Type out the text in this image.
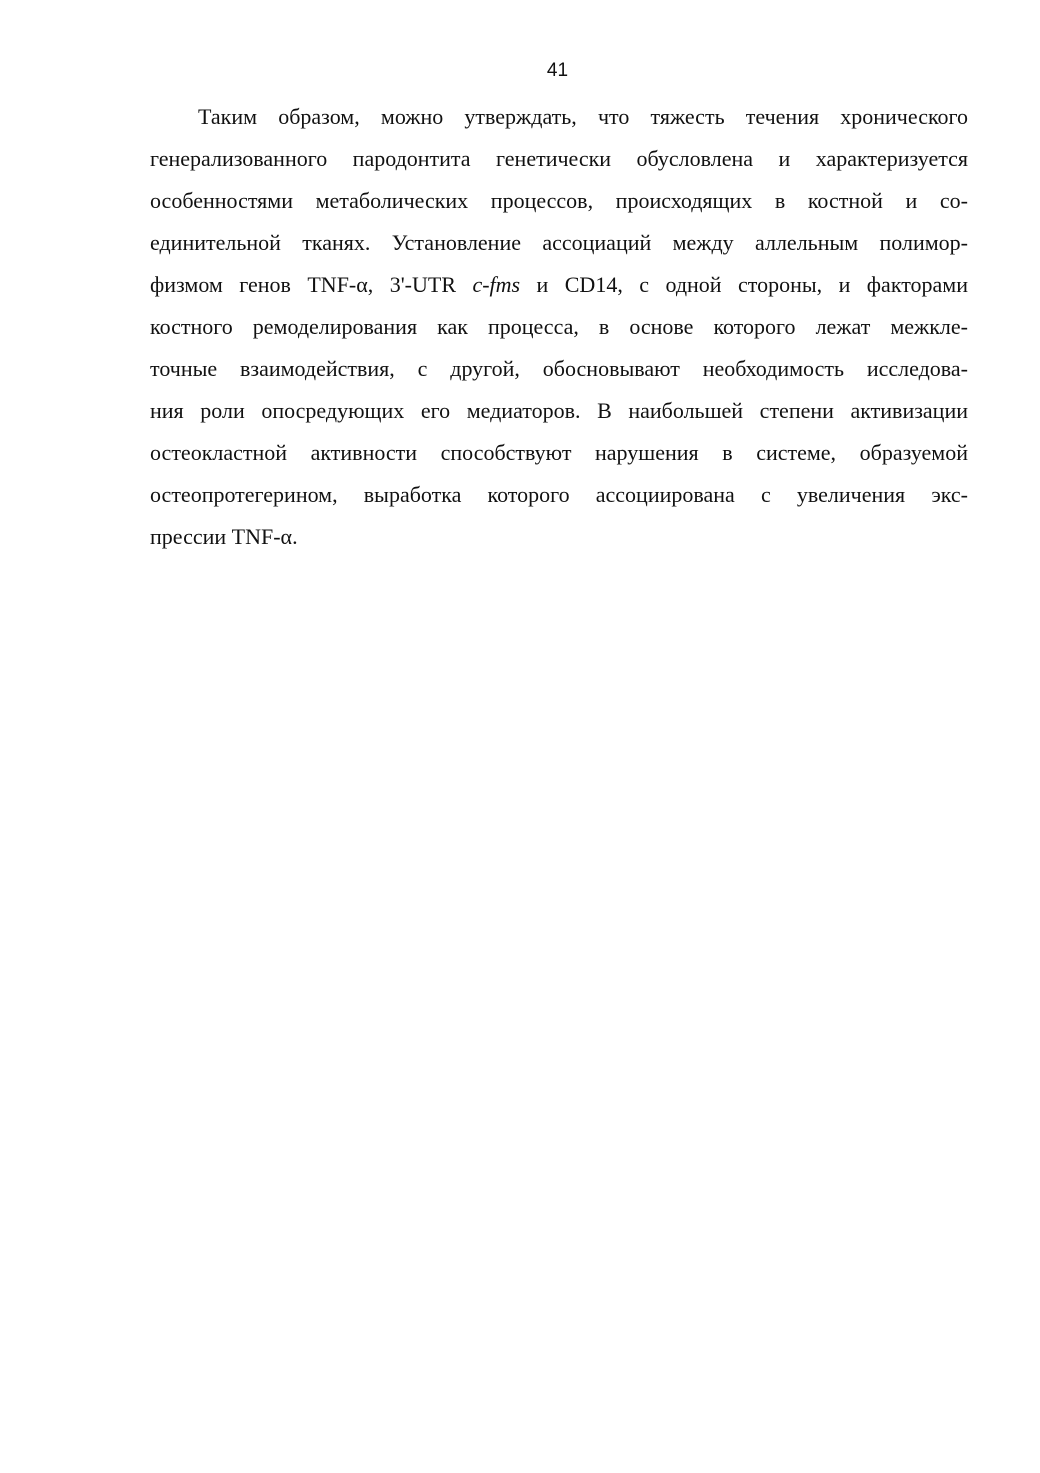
41
Таким образом, можно утверждать, что тяжесть течения хронического
генерализованного пародонтита генетически обусловлена и характеризуется
особенностями метаболических процессов, происходящих в костной и со-
единительной тканях. Установление ассоциаций между аллельным полимор-
физмом генов TNF-α, 3'-UTR c-fms и CD14, с одной стороны, и факторами
костного ремоделирования как процесса, в основе которого лежат межкле-
точные взаимодействия, с другой, обосновывают необходимость исследова-
ния роли опосредующих его медиаторов. В наибольшей степени активизации
остеокластной активности способствуют нарушения в системе, образуемой
остеопротегерином, выработка которого ассоциирована с увеличения экс-
прессии TNF-α.
